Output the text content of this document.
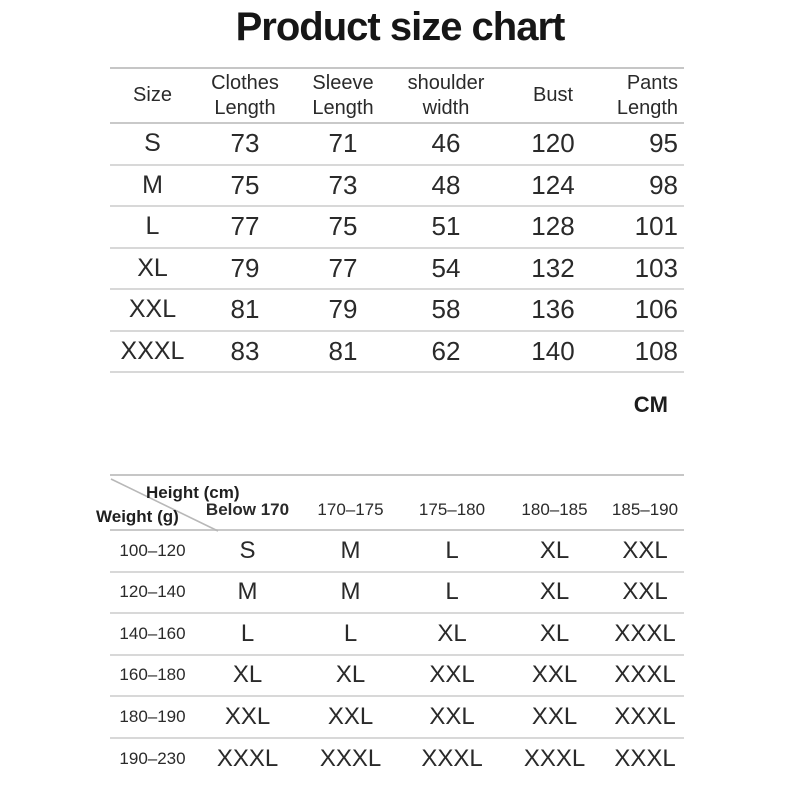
Product size chart
Size	Clothes Length	Sleeve Length	shoulder width	Bust	Pants Length
S	73	71	46	120	95
M	75	73	48	124	98
L	77	75	51	128	101
XL	79	77	54	132	103
XXL	81	79	58	136	106
XXXL	83	81	62	140	108
CM
Height (cm)
Weight (g)	Below 170	170–175	175–180	180–185	185–190
100–120	S	M	L	XL	XXL
120–140	M	M	L	XL	XXL
140–160	L	L	XL	XL	XXXL
160–180	XL	XL	XXL	XXL	XXXL
180–190	XXL	XXL	XXL	XXL	XXXL
190–230	XXXL	XXXL	XXXL	XXXL	XXXL
